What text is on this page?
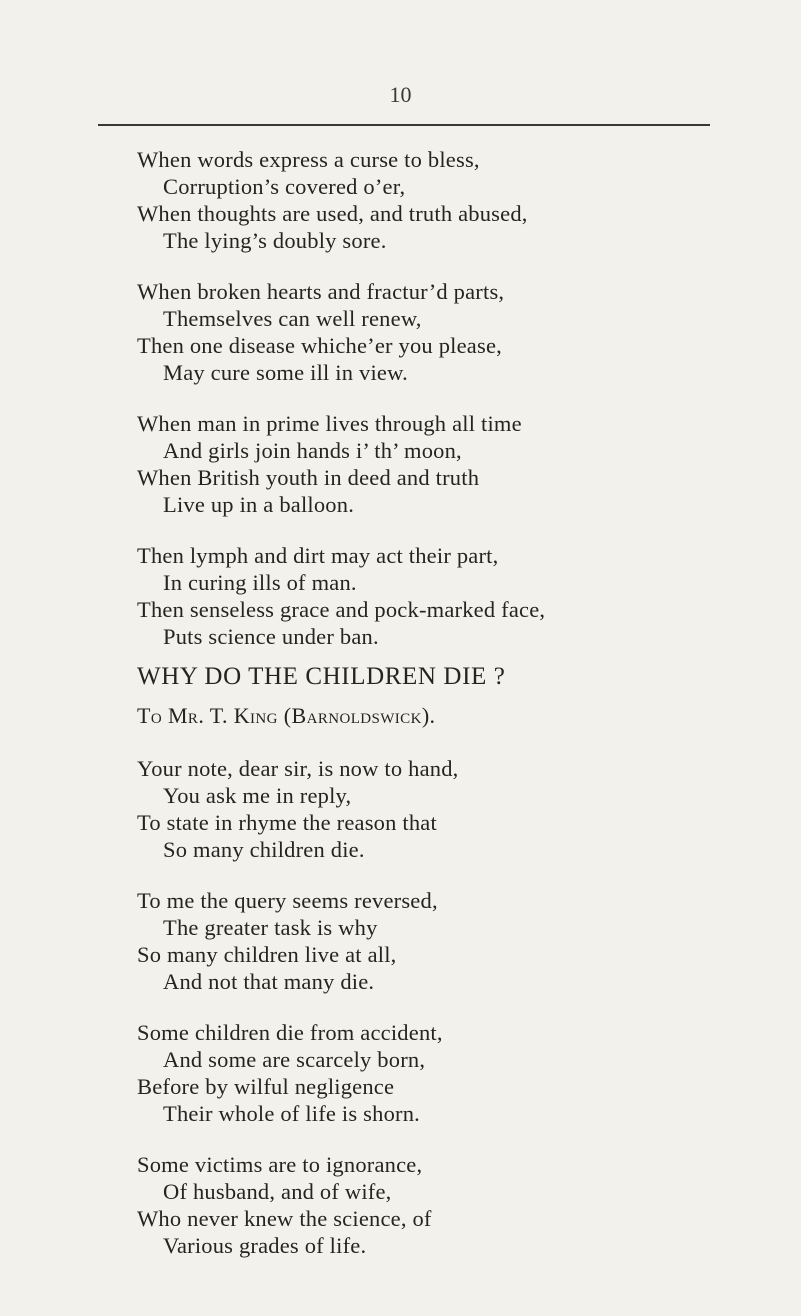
10
When words express a curse to bless,
Corruption’s covered o’er,
When thoughts are used, and truth abused,
The lying’s doubly sore.
When broken hearts and fractur’d parts,
Themselves can well renew,
Then one disease whiche’er you please,
May cure some ill in view.
When man in prime lives through all time
And girls join hands i’ th’ moon,
When British youth in deed and truth
Live up in a balloon.
Then lymph and dirt may act their part,
In curing ills of man.
Then senseless grace and pock-marked face,
Puts science under ban.
WHY DO THE CHILDREN DIE ?
To Mr. T. King (Barnoldswick).
Your note, dear sir, is now to hand,
You ask me in reply,
To state in rhyme the reason that
So many children die.
To me the query seems reversed,
The greater task is why
So many children live at all,
And not that many die.
Some children die from accident,
And some are scarcely born,
Before by wilful negligence
Their whole of life is shorn.
Some victims are to ignorance,
Of husband, and of wife,
Who never knew the science, of
Various grades of life.
